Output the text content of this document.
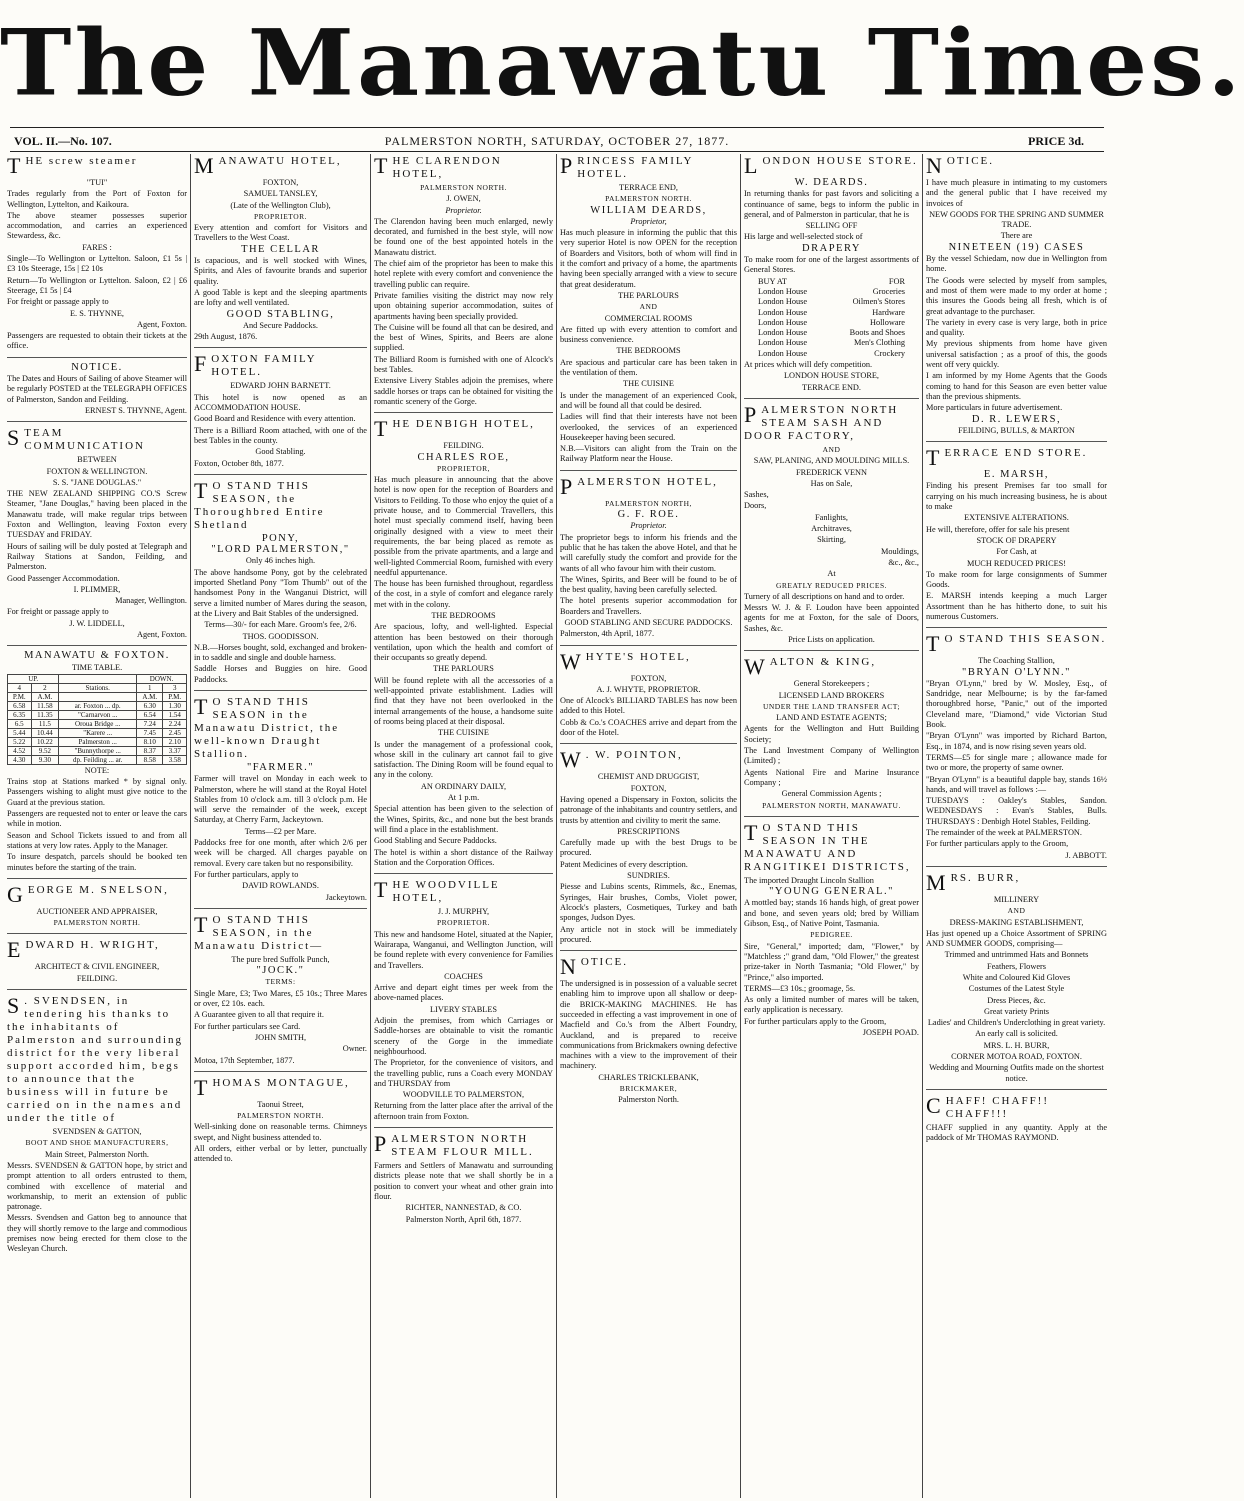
The Manawatu Times.
VOL. II.—No. 107.	PALMERSTON NORTH, SATURDAY, OCTOBER 27, 1877.	PRICE 3d.

THE screw steamer

"TUI"

Trades regularly from the Port of Foxton for Wellington, Lyttelton, and Kaikoura.

The above steamer possesses superior accommodation, and carries an experienced Stewardess, &c.

FARES :

Single—To Wellington or Lyttelton. Saloon, £1 5s | £3 10s Steerage, 15s | £2 10s

Return—To Wellington or Lyttelton. Saloon, £2 | £6 Steerage, £1 5s | £4

For freight or passage apply to

E. S. THYNNE,

Agent, Foxton.

Passengers are requested to obtain their tickets at the office.

NOTICE.

The Dates and Hours of Sailing of above Steamer will be regularly POSTED at the TELEGRAPH OFFICES of Palmerston, Sandon and Feilding.

ERNEST S. THYNNE, Agent.

STEAM COMMUNICATION

BETWEEN

FOXTON & WELLINGTON.

S. S. "JANE DOUGLAS."

THE NEW ZEALAND SHIPPING CO.'S Screw Steamer, "Jane Douglas," having been placed in the Manawatu trade, will make regular trips between Foxton and Wellington, leaving Foxton every TUESDAY and FRIDAY.

Hours of sailing will be duly posted at Telegraph and Railway Stations at Sandon, Feilding, and Palmerston.

Good Passenger Accommodation.

I. PLIMMER,

Manager, Wellington.

For freight or passage apply to

J. W. LIDDELL,

Agent, Foxton.

MANAWATU & FOXTON.

TIME TABLE.

UP.			DOWN.	
4	2	Stations.	1	3
P.M.	A.M.		A.M.	P.M.
6.58	11.58	ar. Foxton ... dp.	6.30	1.30
6.35	11.35	"Carnarvon ...	6.54	1.54
6.5	11.5	Oroua Bridge ...	7.24	2.24
5.44	10.44	"Karere ...	7.45	2.45
5.22	10.22	Palmerston ...	8.10	2.10
4.52	9.52	"Bunnythorpe ...	8.37	3.37
4.30	9.30	dp. Feilding ... ar.	8.58	3.58

NOTE:

Trains stop at Stations marked * by signal only. Passengers wishing to alight must give notice to the Guard at the previous station.

Passengers are requested not to enter or leave the cars while in motion.

Season and School Tickets issued to and from all stations at very low rates. Apply to the Manager.

To insure despatch, parcels should be booked ten minutes before the starting of the train.

GEORGE M. SNELSON,

AUCTIONEER AND APPRAISER,

PALMERSTON NORTH.

EDWARD H. WRIGHT,

ARCHITECT & CIVIL ENGINEER,

FEILDING.

S . SVENDSEN, in tendering his thanks to the inhabitants of Palmerston and surrounding district for the very liberal support accorded him, begs to announce that the business will in future be carried on in the names and under the title of

SVENDSEN & GATTON,

BOOT AND SHOE MANUFACTURERS,

Main Street, Palmerston North.

Messrs. SVENDSEN & GATTON hope, by strict and prompt attention to all orders entrusted to them, combined with excellence of material and workmanship, to merit an extension of public patronage.

Messrs. Svendsen and Gatton beg to announce that they will shortly remove to the large and commodious premises now being erected for them close to the Wesleyan Church.

MANAWATU HOTEL,

FOXTON,

SAMUEL TANSLEY,

(Late of the Wellington Club),

PROPRIETOR.

Every attention and comfort for Visitors and Travellers to the West Coast.

THE CELLAR

Is capacious, and is well stocked with Wines, Spirits, and Ales of favourite brands and superior quality.

A good Table is kept and the sleeping apartments are lofty and well ventilated.

GOOD STABLING,

And Secure Paddocks.

29th August, 1876.

FOXTON FAMILY HOTEL.

EDWARD JOHN BARNETT.

This hotel is now opened as an ACCOMMODATION HOUSE.

Good Board and Residence with every attention.

There is a Billiard Room attached, with one of the best Tables in the county.

Good Stabling.

Foxton, October 8th, 1877.

T O STAND THIS SEASON, the Thoroughbred Entire Shetland

PONY,

"LORD PALMERSTON,"

Only 46 inches high.

The above handsome Pony, got by the celebrated imported Shetland Pony "Tom Thumb" out of the handsomest Pony in the Wanganui District, will serve a limited number of Mares during the season, at the Livery and Bait Stables of the undersigned.

Terms—30/- for each Mare. Groom's fee, 2/6.

THOS. GOODISSON.

N.B.—Horses bought, sold, exchanged and broken-in to saddle and single and double harness.

Saddle Horses and Buggies on hire. Good Paddocks.

T O STAND THIS SEASON in the Manawatu District, the well-known Draught Stallion.

"FARMER."

Farmer will travel on Monday in each week to Palmerston, where he will stand at the Royal Hotel Stables from 10 o'clock a.m. till 3 o'clock p.m. He will serve the remainder of the week, except Saturday, at Cherry Farm, Jackeytown.

Terms—£2 per Mare.

Paddocks free for one month, after which 2/6 per week will be charged. All charges payable on removal. Every care taken but no responsibility.

For further particulars, apply to

DAVID ROWLANDS.

Jackeytown.

T O STAND THIS SEASON, in the Manawatu District—

The pure bred Suffolk Punch,

"JOCK."

TERMS:

Single Mare, £3; Two Mares, £5 10s.; Three Mares or over, £2 10s. each.

A Guarantee given to all that require it.

For further particulars see Card.

JOHN SMITH,

Owner.

Motoa, 17th September, 1877.

THOMAS MONTAGUE,

Taonui Street,

PALMERSTON NORTH.

Well-sinking done on reasonable terms. Chimneys swept, and Night business attended to.

All orders, either verbal or by letter, punctually attended to.

THE CLARENDON HOTEL,

PALMERSTON NORTH.

J. OWEN,

Proprietor.

The Clarendon having been much enlarged, newly decorated, and furnished in the best style, will now be found one of the best appointed hotels in the Manawatu district.

The chief aim of the proprietor has been to make this hotel replete with every comfort and convenience the travelling public can require.

Private families visiting the district may now rely upon obtaining superior accommodation, suites of apartments having been specially provided.

The Cuisine will be found all that can be desired, and the best of Wines, Spirits, and Beers are alone supplied.

The Billiard Room is furnished with one of Alcock's best Tables.

Extensive Livery Stables adjoin the premises, where saddle horses or traps can be obtained for visiting the romantic scenery of the Gorge.

THE DENBIGH HOTEL,

FEILDING.

CHARLES ROE,

PROPRIETOR,

Has much pleasure in announcing that the above hotel is now open for the reception of Boarders and Visitors to Feilding. To those who enjoy the quiet of a private house, and to Commercial Travellers, this hotel must specially commend itself, having been originally designed with a view to meet their requirements, the bar being placed as remote as possible from the private apartments, and a large and well-lighted Commercial Room, furnished with every needful appurtenance.

The house has been furnished throughout, regardless of the cost, in a style of comfort and elegance rarely met with in the colony.

THE BEDROOMS

Are spacious, lofty, and well-lighted. Especial attention has been bestowed on their thorough ventilation, upon which the health and comfort of their occupants so greatly depend.

THE PARLOURS

Will be found replete with all the accessories of a well-appointed private establishment. Ladies will find that they have not been overlooked in the internal arrangements of the house, a handsome suite of rooms being placed at their disposal.

THE CUISINE

Is under the management of a professional cook, whose skill in the culinary art cannot fail to give satisfaction. The Dining Room will be found equal to any in the colony.

AN ORDINARY DAILY,

At 1 p.m.

Special attention has been given to the selection of the Wines, Spirits, &c., and none but the best brands will find a place in the establishment.

Good Stabling and Secure Paddocks.

The hotel is within a short distance of the Railway Station and the Corporation Offices.

THE WOODVILLE HOTEL,

J. J. MURPHY,

PROPRIETOR.

This new and handsome Hotel, situated at the Napier, Wairarapa, Wanganui, and Wellington Junction, will be found replete with every convenience for Families and Travellers.

COACHES

Arrive and depart eight times per week from the above-named places.

LIVERY STABLES

Adjoin the premises, from which Carriages or Saddle-horses are obtainable to visit the romantic scenery of the Gorge in the immediate neighbourhood.

The Proprietor, for the convenience of visitors, and the travelling public, runs a Coach every MONDAY and THURSDAY from

WOODVILLE TO PALMERSTON,

Returning from the latter place after the arrival of the afternoon train from Foxton.

PALMERSTON NORTH STEAM FLOUR MILL.

Farmers and Settlers of Manawatu and surrounding districts please note that we shall shortly be in a position to convert your wheat and other grain into flour.

RICHTER, NANNESTAD, & CO.

Palmerston North, April 6th, 1877.

PRINCESS FAMILY HOTEL.

TERRACE END,

PALMERSTON NORTH.

WILLIAM DEARDS,

Proprietor,

Has much pleasure in informing the public that this very superior Hotel is now OPEN for the reception of Boarders and Visitors, both of whom will find in it the comfort and privacy of a home, the apartments having been specially arranged with a view to secure that great desideratum.

THE PARLOURS

AND

COMMERCIAL ROOMS

Are fitted up with every attention to comfort and business convenience.

THE BEDROOMS

Are spacious and particular care has been taken in the ventilation of them.

THE CUISINE

Is under the management of an experienced Cook, and will be found all that could be desired.

Ladies will find that their interests have not been overlooked, the services of an experienced Housekeeper having been secured.

N.B.—Visitors can alight from the Train on the Railway Platform near the House.

PALMERSTON HOTEL,

PALMERSTON NORTH,

G. F. ROE.

Proprietor.

The proprietor begs to inform his friends and the public that he has taken the above Hotel, and that he will carefully study the comfort and provide for the wants of all who favour him with their custom.

The Wines, Spirits, and Beer will be found to be of the best quality, having been carefully selected.

The hotel presents superior accommodation for Boarders and Travellers.

GOOD STABLING AND SECURE PADDOCKS.

Palmerston, 4th April, 1877.

WHYTE'S HOTEL,

FOXTON,

A. J. WHYTE, PROPRIETOR.

One of Alcock's BILLIARD TABLES has now been added to this Hotel.

Cobb & Co.'s COACHES arrive and depart from the door of the Hotel.

W . W. POINTON,

CHEMIST AND DRUGGIST,

FOXTON,

Having opened a Dispensary in Foxton, solicits the patronage of the inhabitants and country settlers, and trusts by attention and civility to merit the same.

PRESCRIPTIONS

Carefully made up with the best Drugs to be procured.

Patent Medicines of every description.

SUNDRIES.

Piesse and Lubins scents, Rimmels, &c., Enemas, Syringes, Hair brushes, Combs, Violet power, Alcock's plasters, Cosmetiques, Turkey and bath sponges, Judson Dyes.

Any article not in stock will be immediately procured.

NOTICE.

The undersigned is in possession of a valuable secret enabling him to improve upon all shallow or deep-die BRICK-MAKING MACHINES. He has succeeded in effecting a vast improvement in one of Macfield and Co.'s from the Albert Foundry, Auckland, and is prepared to receive communications from Brickmakers owning defective machines with a view to the improvement of their machinery.

CHARLES TRICKLEBANK,

BRICKMAKER,

Palmerston North.

LONDON HOUSE STORE.

W. DEARDS.

In returning thanks for past favors and soliciting a continuance of same, begs to inform the public in general, and of Palmerston in particular, that he is

SELLING OFF

His large and well-selected stock of

DRAPERY

To make room for one of the largest assortments of General Stores.

BUY AT	FOR
London House	Groceries
London House	Oilmen's Stores
London House	Hardware
London House	Holloware
London House	Boots and Shoes
London House	Men's Clothing
London House	Crockery

At prices which will defy competition.

LONDON HOUSE STORE,

TERRACE END.

PALMERSTON NORTH STEAM SASH AND DOOR FACTORY,

AND

SAW, PLANING, AND MOULDING MILLS.

FREDERICK VENN

Has on Sale,

Sashes,

Doors,

Fanlights,

Architraves,

Skirting,

Mouldings,

&c., &c.,

At

GREATLY REDUCED PRICES.

Turnery of all descriptions on hand and to order.

Messrs W. J. & F. Loudon have been appointed agents for me at Foxton, for the sale of Doors, Sashes, &c.

Price Lists on application.

WALTON & KING,

General Storekeepers ;

LICENSED LAND BROKERS

UNDER THE LAND TRANSFER ACT;

LAND AND ESTATE AGENTS;

Agents for the Wellington and Hutt Building Society;

The Land Investment Company of Wellington (Limited) ;

Agents National Fire and Marine Insurance Company ;

General Commission Agents ;

PALMERSTON NORTH, MANAWATU.

T O STAND THIS SEASON IN THE MANAWATU AND RANGITIKEI DISTRICTS,

The imported Draught Lincoln Stallion

"YOUNG GENERAL."

A mottled bay; stands 16 hands high, of great power and bone, and seven years old; bred by William Gibson, Esq., of Native Point, Tasmania.

PEDIGREE.

Sire, "General," imported; dam, "Flower," by "Matchless ;" grand dam, "Old Flower," the greatest prize-taker in North Tasmania; "Old Flower," by "Prince," also imported.

TERMS—£3 10s.; groomage, 5s.

As only a limited number of mares will be taken, early application is necessary.

For further particulars apply to the Groom,

JOSEPH POAD.

NOTICE.

I have much pleasure in intimating to my customers and the general public that I have received my invoices of

NEW GOODS FOR THE SPRING AND SUMMER TRADE.

There are

NINETEEN (19) CASES

By the vessel Schiedam, now due in Wellington from home.

The Goods were selected by myself from samples, and most of them were made to my order at home ; this insures the Goods being all fresh, which is of great advantage to the purchaser.

The variety in every case is very large, both in price and quality.

My previous shipments from home have given universal satisfaction ; as a proof of this, the goods went off very quickly.

I am informed by my Home Agents that the Goods coming to hand for this Season are even better value than the previous shipments.

More particulars in future advertisement.

D. R. LEWERS,

FEILDING, BULLS, & MARTON

TERRACE END STORE.

E. MARSH,

Finding his present Premises far too small for carrying on his much increasing business, he is about to make

EXTENSIVE ALTERATIONS.

He will, therefore, offer for sale his present

STOCK OF DRAPERY

For Cash, at

MUCH REDUCED PRICES!

To make room for large consignments of Summer Goods.

E. MARSH intends keeping a much Larger Assortment than he has hitherto done, to suit his numerous Customers.

T O STAND THIS SEASON.

The Coaching Stallion,

"BRYAN O'LYNN."

"Bryan O'Lynn," bred by W. Mosley, Esq., of Sandridge, near Melbourne; is by the far-famed thoroughbred horse, "Panic," out of the imported Cleveland mare, "Diamond," vide Victorian Stud Book.

"Bryan O'Lynn" was imported by Richard Barton, Esq., in 1874, and is now rising seven years old.

TERMS—£5 for single mare ; allowance made for two or more, the property of same owner.

"Bryan O'Lynn" is a beautiful dapple bay, stands 16½ hands, and will travel as follows :—

TUESDAYS : Oakley's Stables, Sandon. WEDNESDAYS : Evan's Stables, Bulls. THURSDAYS : Denbigh Hotel Stables, Feilding.

The remainder of the week at PALMERSTON.

For further particulars apply to the Groom,

J. ABBOTT.

MRS. BURR,

MILLINERY

AND

DRESS-MAKING ESTABLISHMENT,

Has just opened up a Choice Assortment of SPRING AND SUMMER GOODS, comprising—

Trimmed and untrimmed Hats and Bonnets

Feathers, Flowers

White and Coloured Kid Gloves

Costumes of the Latest Style

Dress Pieces, &c.

Great variety Prints

Ladies' and Children's Underclothing in great variety.

An early call is solicited.

MRS. L. H. BURR,

CORNER MOTOA ROAD, FOXTON.

Wedding and Mourning Outfits made on the shortest notice.

CHAFF! CHAFF!! CHAFF!!!

CHAFF supplied in any quantity. Apply at the paddock of Mr THOMAS RAYMOND.
